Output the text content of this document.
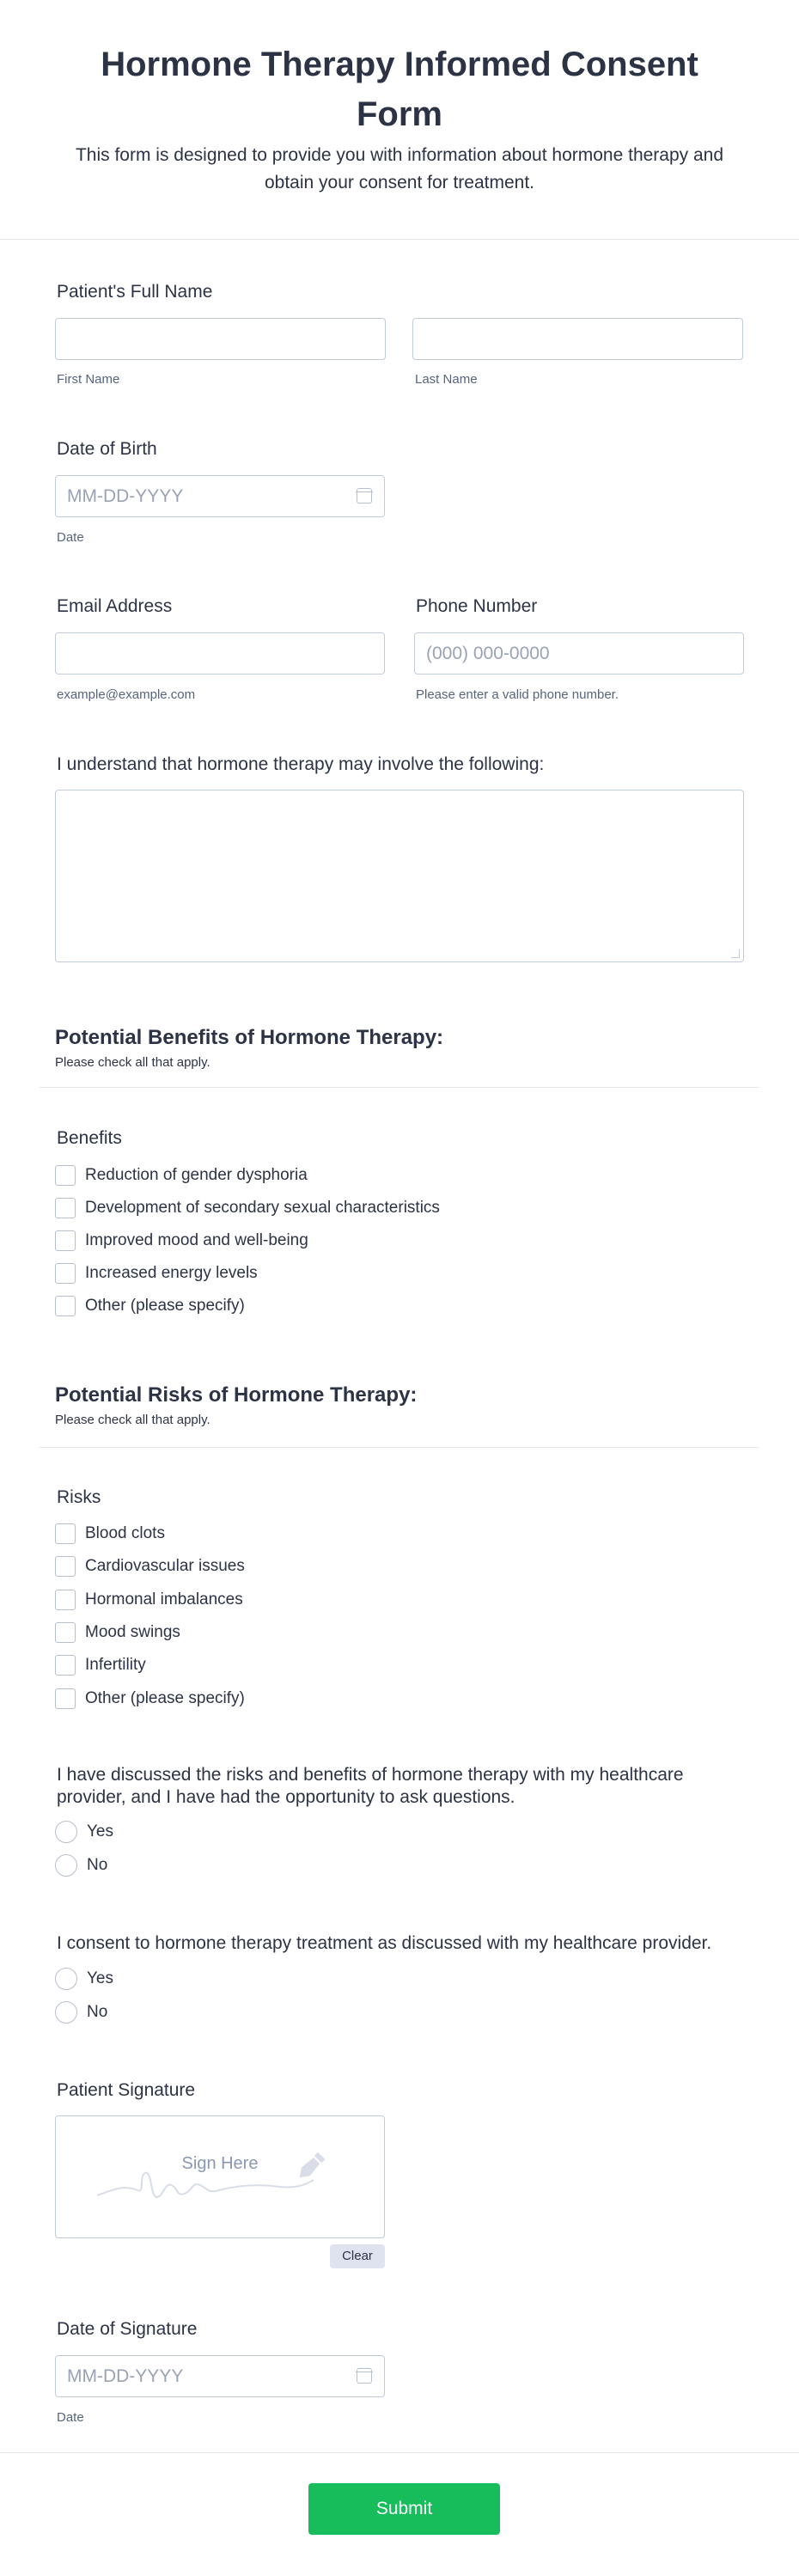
Hormone Therapy Informed Consent Form

This form is designed to provide you with information about hormone therapy and obtain your consent for treatment.

Patient's Full Name
First Name	Last Name
Date of Birth
MM-DD-YYYY
Date
Email Address
example@example.com
Phone Number
(000) 000-0000
Please enter a valid phone number.
I understand that hormone therapy may involve the following:
Potential Benefits of Hormone Therapy:
Please check all that apply.
Benefits
Reduction of gender dysphoria
Development of secondary sexual characteristics
Improved mood and well-being
Increased energy levels
Other (please specify)
Potential Risks of Hormone Therapy:
Please check all that apply.
Risks
Blood clots
Cardiovascular issues
Hormonal imbalances
Mood swings
Infertility
Other (please specify)
I have discussed the risks and benefits of hormone therapy with my healthcare provider, and I have had the opportunity to ask questions.
Yes
No
I consent to hormone therapy treatment as discussed with my healthcare provider.
Yes
No
Patient Signature
Sign Here
Clear
Date of Signature
MM-DD-YYYY
Date
Submit
